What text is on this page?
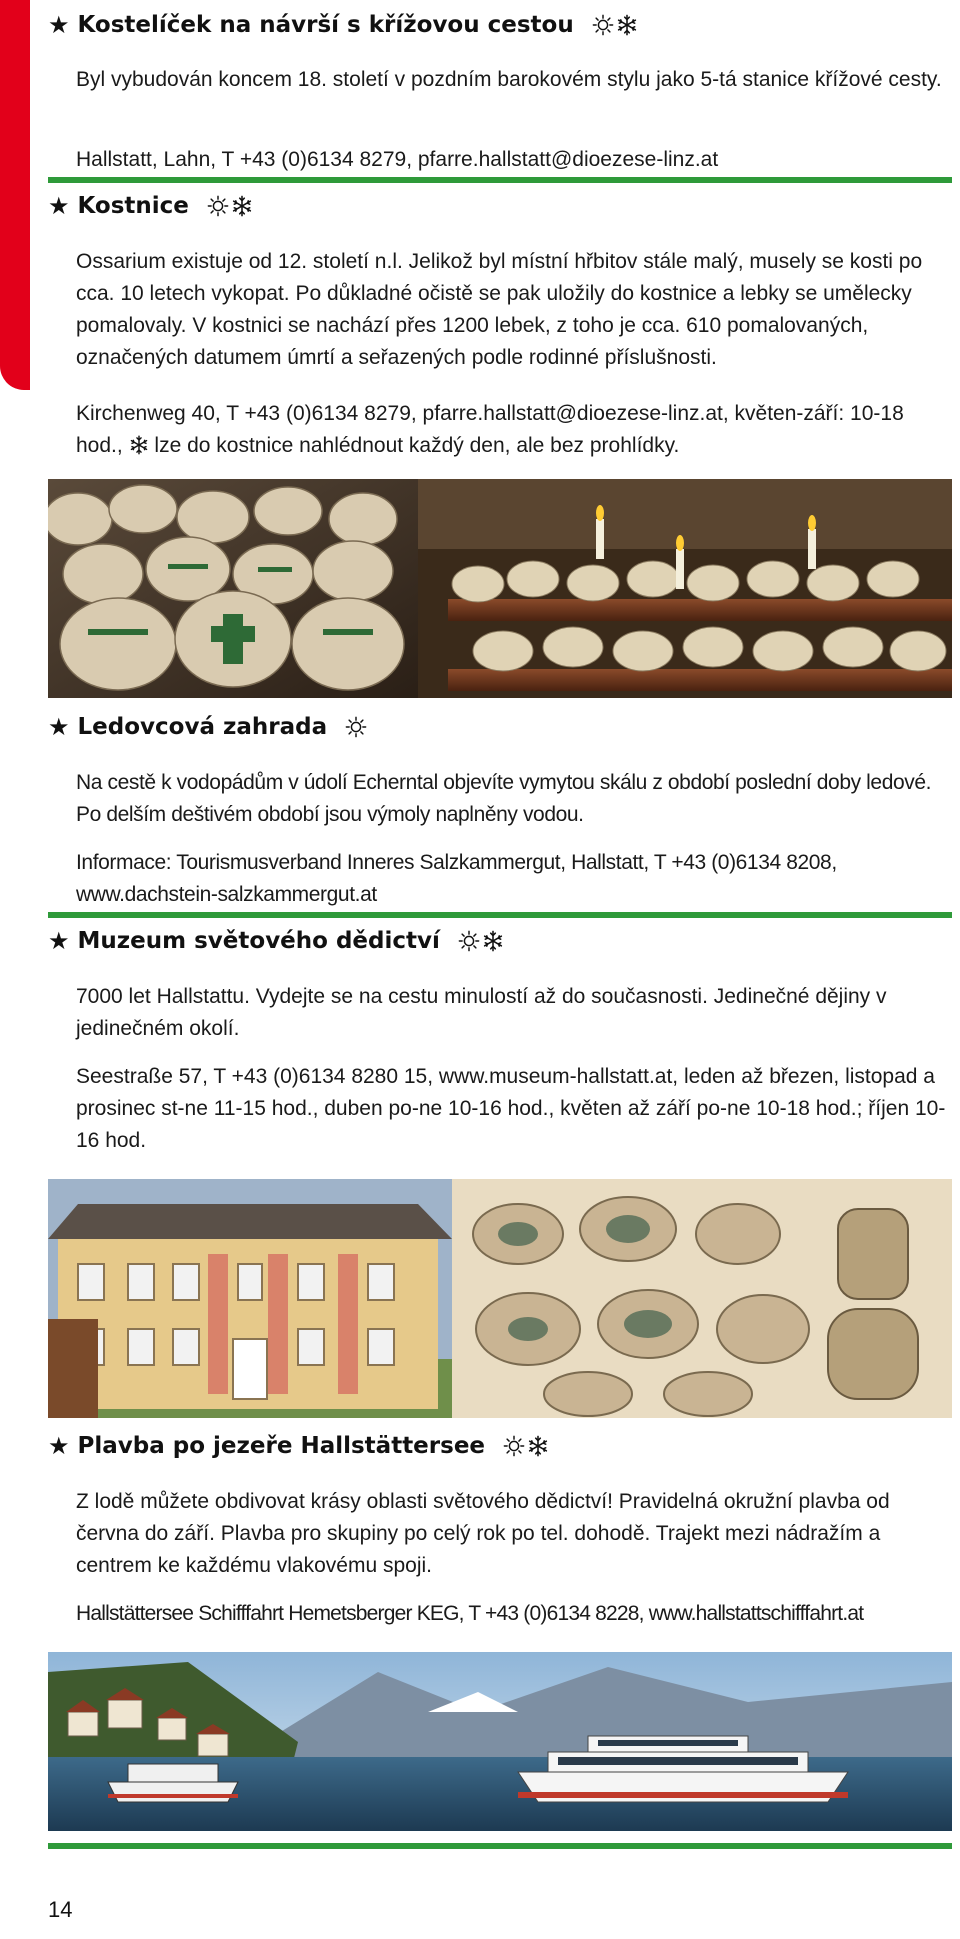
★ Kostelíček na návrší s křížovou cestou

Byl vybudován koncem 18. století v pozdním barokovém stylu jako 5-tá stanice křížové cesty.

Hallstatt, Lahn, T +43 (0)6134 8279, pfarre.hallstatt@dioezese-linz.at

★ Kostnice

Ossarium existuje od 12. století n.l. Jelikož byl místní hřbitov stále malý, musely se kosti po cca. 10 letech vykopat. Po důkladné očistě se pak uložily do kostnice a lebky se umělecky pomalovaly. V kostnici se nachází přes 1200 lebek, z toho je cca. 610 pomalovaných, označených datumem úmrtí a seřazených podle rodinné příslušnosti.

Kirchenweg 40, T +43 (0)6134 8279, pfarre.hallstatt@dioezese-linz.at, květen-září: 10-18 hod., lze do kostnice nahlédnout každý den, ale bez prohlídky.

★ Ledovcová zahrada

Na cestě k vodopádům v údolí Echerntal objevíte vymytou skálu z období poslední doby ledové. Po delším deštivém období jsou výmoly naplněny vodou.

Informace: Tourismusverband Inneres Salzkammergut, Hallstatt, T +43 (0)6134 8208, www.dachstein-salzkammergut.at

★ Muzeum světového dědictví

7000 let Hallstattu. Vydejte se na cestu minulostí až do současnosti. Jedinečné dějiny v jedinečném okolí.

Seestraße 57, T +43 (0)6134 8280 15, www.museum-hallstatt.at, leden až březen, listopad a prosinec st-ne 11-15 hod., duben po-ne 10-16 hod., květen až září po-ne 10-18 hod.; říjen 10-16 hod.

★ Plavba po jezeře Hallstättersee

Z lodě můžete obdivovat krásy oblasti světového dědictví! Pravidelná okružní plavba od června do září. Plavba pro skupiny po celý rok po tel. dohodě. Trajekt mezi nádražím a centrem ke každému vlakovému spoji.

Hallstättersee Schifffahrt Hemetsberger KEG, T +43 (0)6134 8228, www.hallstattschifffahrt.at

14
